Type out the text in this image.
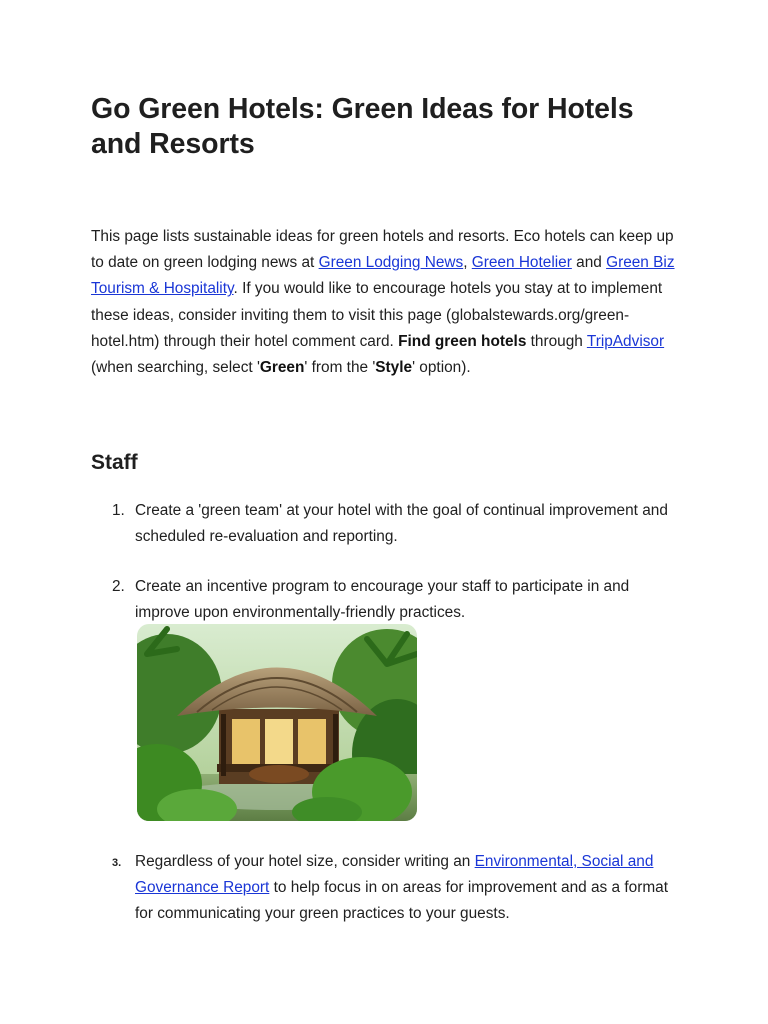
Go Green Hotels: Green Ideas for Hotels and Resorts

This page lists sustainable ideas for green hotels and resorts. Eco hotels can keep up to date on green lodging news at Green Lodging News, Green Hotelier and Green Biz Tourism & Hospitality. If you would like to encourage hotels you stay at to implement these ideas, consider inviting them to visit this page (globalstewards.org/green-hotel.htm) through their hotel comment card. Find green hotels through TripAdvisor (when searching, select 'Green' from the 'Style' option).

Staff
1. Create a 'green team' at your hotel with the goal of continual improvement and scheduled re-evaluation and reporting.
2. Create an incentive program to encourage your staff to participate in and improve upon environmentally-friendly practices.
3. Regardless of your hotel size, consider writing an Environmental, Social and Governance Report to help focus in on areas for improvement and as a format for communicating your green practices to your guests.
